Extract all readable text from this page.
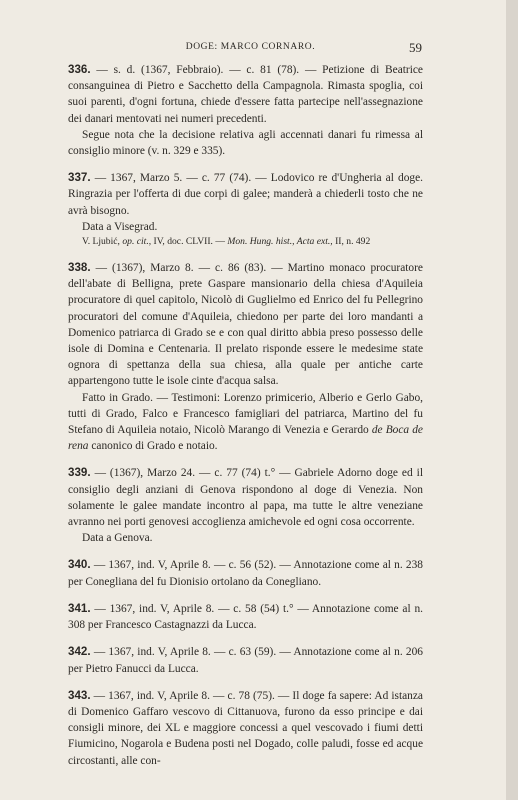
DOGE: MARCO CORNARO.	59

336. — s. d. (1367, Febbraio). — c. 81 (78). — Petizione di Beatrice consanguinea di Pietro e Sacchetto della Campagnola. Rimasta spoglia, coi suoi parenti, d'ogni fortuna, chiede d'essere fatta partecipe nell'assegnazione dei danari mentovati nei numeri precedenti.

Segue nota che la decisione relativa agli accennati danari fu rimessa al consiglio minore (v. n. 329 e 335).

337. — 1367, Marzo 5. — c. 77 (74). — Lodovico re d'Ungheria al doge. Ringrazia per l'offerta di due corpi di galee; manderà a chiederli tosto che ne avrà bisogno.

Data a Visegrad.

V. Ljubić, op. cit., IV, doc. CLVII. — Mon. Hung. hist., Acta ext., II, n. 492

338. — (1367), Marzo 8. — c. 86 (83). — Martino monaco procuratore dell'abate di Belligna, prete Gaspare mansionario della chiesa d'Aquileia procuratore di quel capitolo, Nicolò di Guglielmo ed Enrico del fu Pellegrino procuratori del comune d'Aquileia, chiedono per parte dei loro mandanti a Domenico patriarca di Grado se e con qual diritto abbia preso possesso delle isole di Domina e Centenaria. Il prelato risponde essere le medesime state ognora di spettanza della sua chiesa, alla quale per antiche carte appartengono tutte le isole cinte d'acqua salsa.

Fatto in Grado. — Testimoni: Lorenzo primicerio, Alberio e Gerlo Gabo, tutti di Grado, Falco e Francesco famigliari del patriarca, Martino del fu Stefano di Aquileia notaio, Nicolò Marango di Venezia e Gerardo de Boca de rena canonico di Grado e notaio.

339. — (1367), Marzo 24. — c. 77 (74) t.° — Gabriele Adorno doge ed il consiglio degli anziani di Genova rispondono al doge di Venezia. Non solamente le galee mandate incontro al papa, ma tutte le altre veneziane avranno nei porti genovesi accoglienza amichevole ed ogni cosa occorrente.

Data a Genova.

340. — 1367, ind. V, Aprile 8. — c. 56 (52). — Annotazione come al n. 238 per Conegliana del fu Dionisio ortolano da Conegliano.

341. — 1367, ind. V, Aprile 8. — c. 58 (54) t.° — Annotazione come al n. 308 per Francesco Castagnazzi da Lucca.

342. — 1367, ind. V, Aprile 8. — c. 63 (59). — Annotazione come al n. 206 per Pietro Fanucci da Lucca.

343. — 1367, ind. V, Aprile 8. — c. 78 (75). — Il doge fa sapere: Ad istanza di Domenico Gaffaro vescovo di Cittanuova, furono da esso principe e dai consigli minore, dei XL e maggiore concessi a quel vescovado i fiumi detti Fiumicino, Nogarola e Budena posti nel Dogado, colle paludi, fosse ed acque circostanti, alle con-
